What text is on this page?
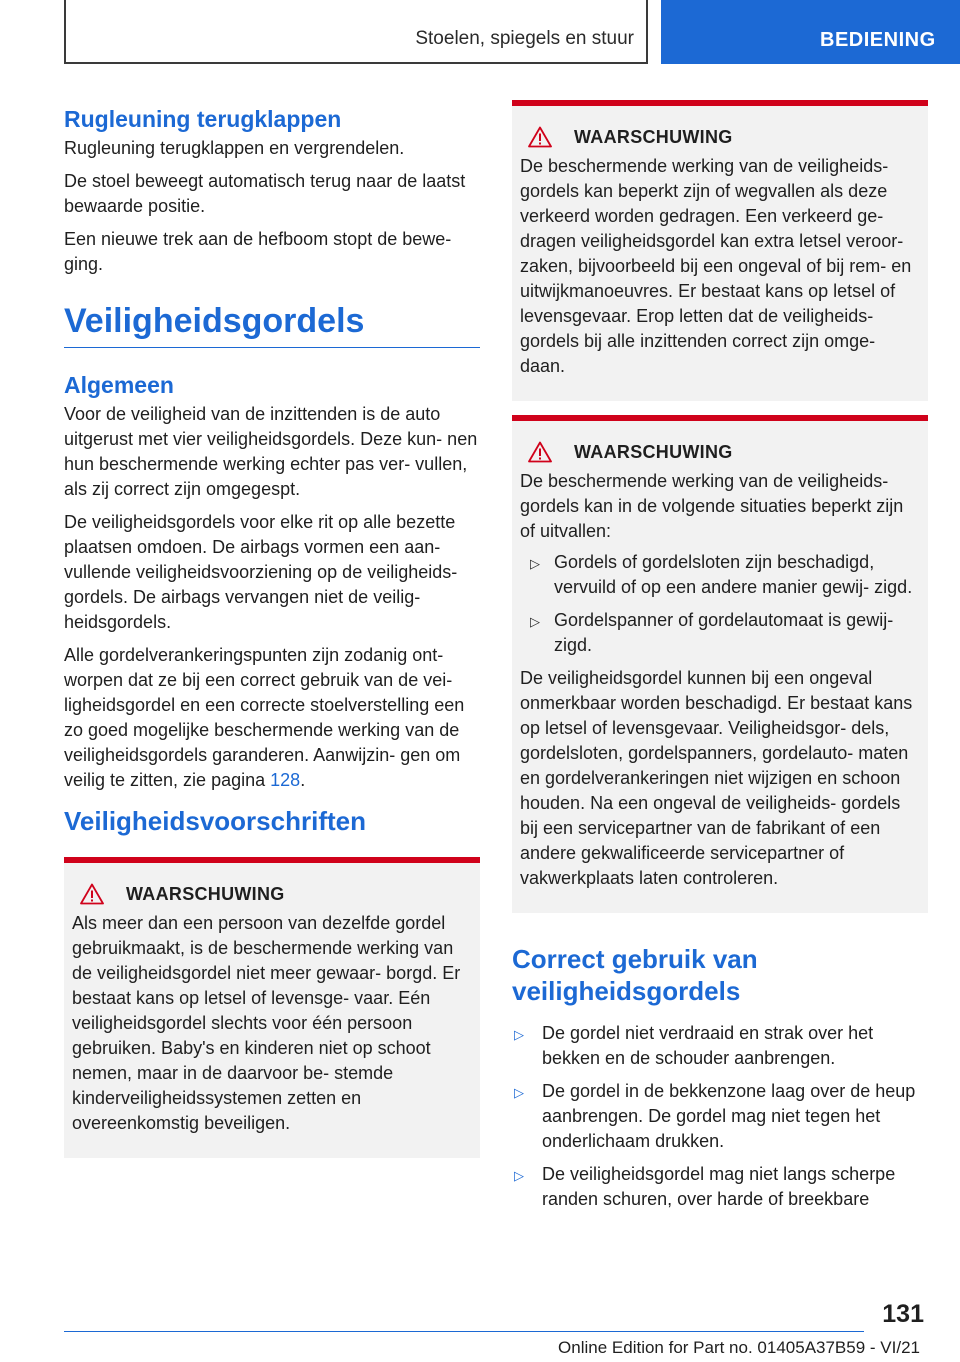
Stoelen, spiegels en stuur	BEDIENING
Rugleuning terugklappen

Rugleuning terugklappen en vergrendelen.

De stoel beweegt automatisch terug naar de laatst bewaarde positie.

Een nieuwe trek aan de hefboom stopt de bewe‐ ging.

Veiligheidsgordels
Algemeen

Voor de veiligheid van de inzittenden is de auto uitgerust met vier veiligheidsgordels. Deze kun‐ nen hun beschermende werking echter pas ver‐ vullen, als zij correct zijn omgegespt.

De veiligheidsgordels voor elke rit op alle bezette plaatsen omdoen. De airbags vormen een aan‐ vullende veiligheidsvoorziening op de veiligheids‐ gordels. De airbags vervangen niet de veilig‐ heidsgordels.

Alle gordelverankeringspunten zijn zodanig ont‐ worpen dat ze bij een correct gebruik van de vei‐ ligheidsgordel en een correcte stoelverstelling een zo goed mogelijke beschermende werking van de veiligheidsgordels garanderen. Aanwijzin‐ gen om veilig te zitten, zie pagina 128.

Veiligheidsvoorschriften
WAARSCHUWING

Als meer dan een persoon van dezelfde gordel gebruikmaakt, is de beschermende werking van de veiligheidsgordel niet meer gewaar‐ borgd. Er bestaat kans op letsel of levensge‐ vaar. Eén veiligheidsgordel slechts voor één persoon gebruiken. Baby's en kinderen niet op schoot nemen, maar in de daarvoor be‐ stemde kinderveiligheidssystemen zetten en overeenkomstig beveiligen.

WAARSCHUWING

De beschermende werking van de veiligheids‐ gordels kan beperkt zijn of wegvallen als deze verkeerd worden gedragen. Een verkeerd ge‐ dragen veiligheidsgordel kan extra letsel veroor‐ zaken, bijvoorbeeld bij een ongeval of bij rem- en uitwijkmanoeuvres. Er bestaat kans op letsel of levensgevaar. Erop letten dat de veiligheids‐ gordels bij alle inzittenden correct zijn omge‐ daan.

WAARSCHUWING

De beschermende werking van de veiligheids‐ gordels kan in de volgende situaties beperkt zijn of uitvallen:

▷ Gordels of gordelsloten zijn beschadigd, vervuild of op een andere manier gewij‐ zigd.
▷ Gordelspanner of gordelautomaat is gewij‐ zigd.

De veiligheidsgordel kunnen bij een ongeval onmerkbaar worden beschadigd. Er bestaat kans op letsel of levensgevaar. Veiligheidsgor‐ dels, gordelsloten, gordelspanners, gordelauto‐ maten en gordelverankeringen niet wijzigen en schoon houden. Na een ongeval de veiligheids‐ gordels bij een servicepartner van de fabrikant of een andere gekwalificeerde servicepartner of vakwerkplaats laten controleren.

Correct gebruik van veiligheidsgordels
▷ De gordel niet verdraaid en strak over het bekken en de schouder aanbrengen.
▷ De gordel in de bekkenzone laag over de heup aanbrengen. De gordel mag niet tegen het onderlichaam drukken.
▷ De veiligheidsgordel mag niet langs scherpe randen schuren, over harde of breekbare
131
Online Edition for Part no. 01405A37B59 - VI/21
